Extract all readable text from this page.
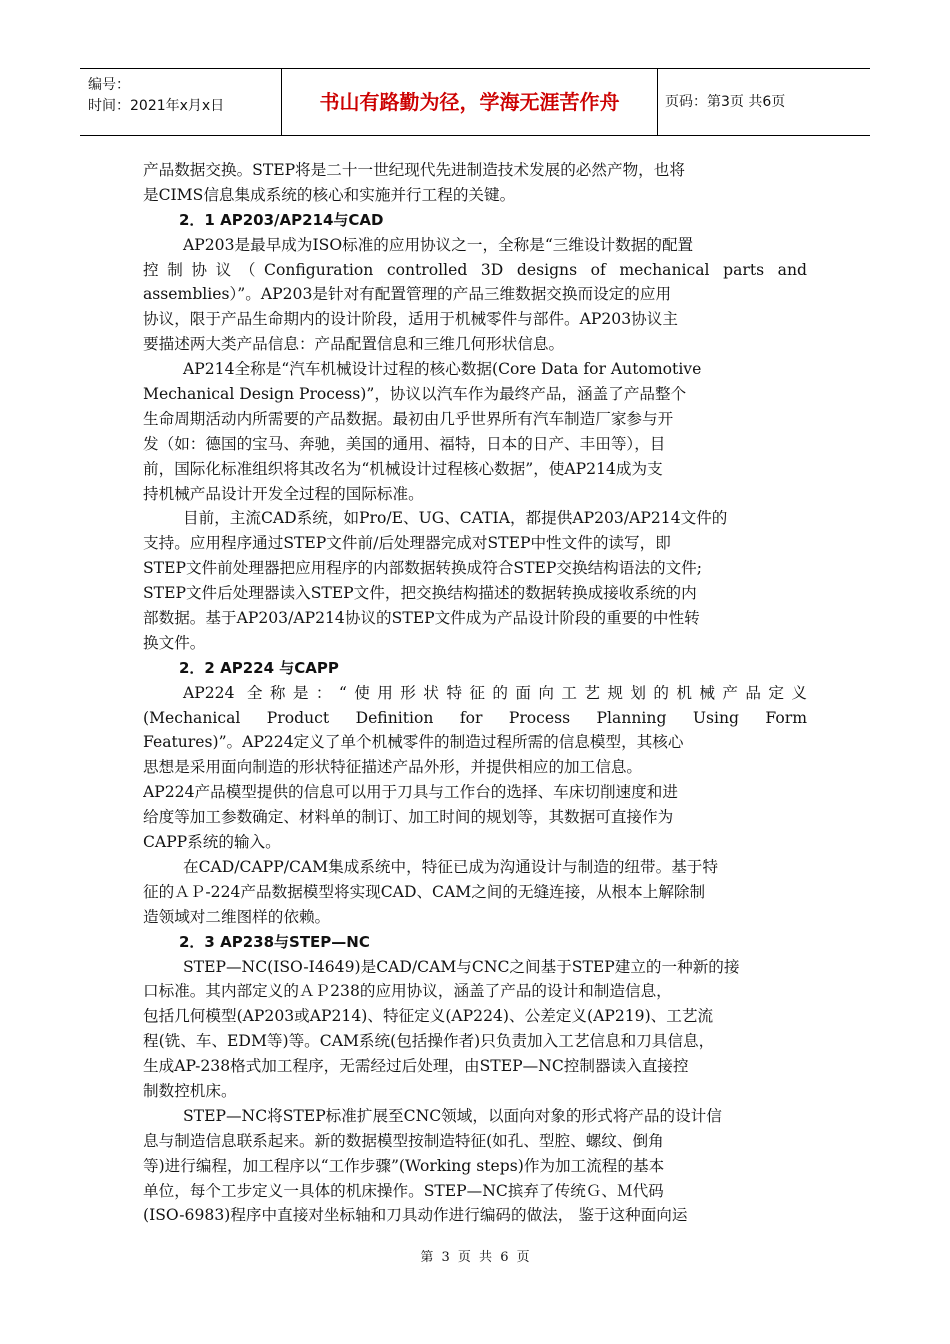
编号：
时间：2021年x月x日	书山有路勤为径，学海无涯苦作舟	页码：第3页 共6页
产品数据交换。STEP将是二十一世纪现代先进制造技术发展的必然产物，也将
是CIMS信息集成系统的核心和实施并行工程的关键。
2．1 AP203/AP214与CAD
AP203是最早成为ISO标准的应用协议之一，全称是“三维设计数据的配置
控制协议（Configuration controlled 3D designs of mechanical parts and
assemblies）”。AP203是针对有配置管理的产品三维数据交换而设定的应用
协议，限于产品生命期内的设计阶段，适用于机械零件与部件。AP203协议主
要描述两大类产品信息：产品配置信息和三维几何形状信息。
AP214全称是“汽车机械设计过程的核心数据(Core Data for Automotive
Mechanical Design Process)”，协议以汽车作为最终产品，涵盖了产品整个
生命周期活动内所需要的产品数据。最初由几乎世界所有汽车制造厂家参与开
发（如：德国的宝马、奔驰，美国的通用、福特，日本的日产、丰田等），目
前，国际化标准组织将其改名为“机械设计过程核心数据”，使AP214成为支
持机械产品设计开发全过程的国际标准。
目前，主流CAD系统，如Pro/E、UG、CATIA，都提供AP203/AP214文件的
支持。应用程序通过STEP文件前/后处理器完成对STEP中性文件的读写，即
STEP文件前处理器把应用程序的内部数据转换成符合STEP交换结构语法的文件;
STEP文件后处理器读入STEP文件，把交换结构描述的数据转换成接收系统的内
部数据。基于AP203/AP214协议的STEP文件成为产品设计阶段的重要的中性转
换文件。
2．2 AP224 与CAPP
AP224 全称是：“使用形状特征的面向工艺规划的机械产品定义
(Mechanical Product Definition for Process Planning Using Form
Features)”。AP224定义了单个机械零件的制造过程所需的信息模型，其核心
思想是采用面向制造的形状特征描述产品外形，并提供相应的加工信息。
AP224产品模型提供的信息可以用于刀具与工作台的选择、车床切削速度和进
给度等加工参数确定、材料单的制订、加工时间的规划等，其数据可直接作为
CAPP系统的输入。
在CAD/CAPP/CAM集成系统中，特征已成为沟通设计与制造的纽带。基于特
征的ＡＰ-224产品数据模型将实现CAD、CAM之间的无缝连接，从根本上解除制
造领域对二维图样的依赖。
2．3 AP238与STEP—NC
STEP—NC(ISO-I4649)是CAD/CAM与CNC之间基于STEP建立的一种新的接
口标准。其内部定义的ＡＰ238的应用协议，涵盖了产品的设计和制造信息，
包括几何模型(AP203或AP214)、特征定义(AP224)、公差定义(AP219)、工艺流
程(铣、车、EDM等)等。CAM系统(包括操作者)只负责加入工艺信息和刀具信息，
生成AP-238格式加工程序，无需经过后处理，由STEP—NC控制器读入直接控
制数控机床。
STEP—NC将STEP标准扩展至CNC领域，以面向对象的形式将产品的设计信
息与制造信息联系起来。新的数据模型按制造特征(如孔、型腔、螺纹、倒角
等)进行编程，加工程序以“工作步骤”(Working steps)作为加工流程的基本
单位，每个工步定义一具体的机床操作。STEP—NC摈弃了传统Ｇ、Ｍ代码
(ISO-6983)程序中直接对坐标轴和刀具动作进行编码的做法， 鉴于这种面向运
第 3 页 共 6 页
